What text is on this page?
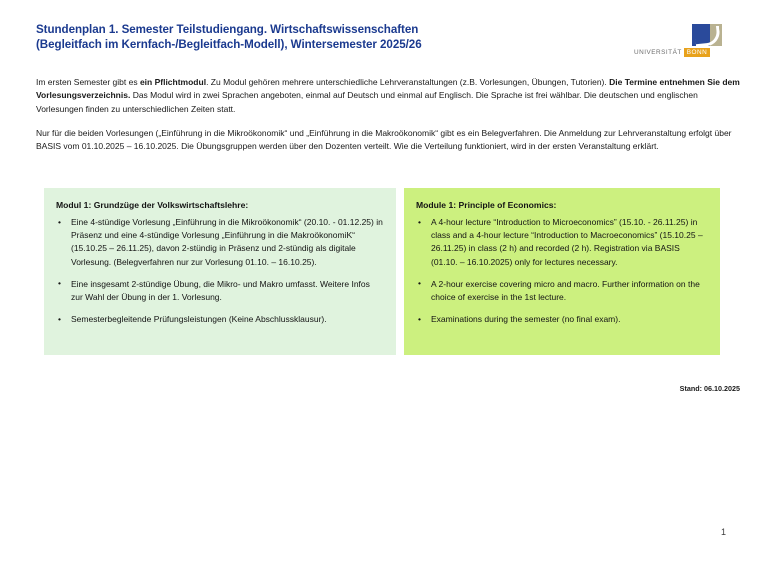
Stundenplan 1. Semester Teilstudiengang. Wirtschaftswissenschaften
(Begleitfach im Kernfach-/Begleitfach-Modell), Wintersemester 2025/26
UNIVERSITÄT BONN

Im ersten Semester gibt es ein Pflichtmodul. Zu Modul gehören mehrere unterschiedliche Lehrveranstaltungen (z.B. Vorlesungen, Übungen, Tutorien). Die Termine entnehmen Sie dem Vorlesungsverzeichnis. Das Modul wird in zwei Sprachen angeboten, einmal auf Deutsch und einmal auf Englisch. Die Sprache ist frei wählbar. Die deutschen und englischen Vorlesungen finden zu unterschiedlichen Zeiten statt.

Nur für die beiden Vorlesungen („Einführung in die Mikroökonomik“ und „Einführung in die Makroökonomik“ gibt es ein Belegverfahren. Die Anmeldung zur Lehrveranstaltung erfolgt über BASIS vom 01.10.2025 – 16.10.2025. Die Übungsgruppen werden über den Dozenten verteilt. Wie die Verteilung funktioniert, wird in der ersten Veranstaltung erklärt.

Modul 1: Grundzüge der Volkswirtschaftslehre:
• Eine 4-stündige Vorlesung „Einführung in die Mikroökonomik“ (20.10. - 01.12.25) in Präsenz und eine 4-stündige Vorlesung „Einführung in die MakroökonomiK“ (15.10.25 – 26.11.25), davon 2-stündig in Präsenz und 2-stündig als digitale Vorlesung. (Belegverfahren nur zur Vorlesung 01.10. – 16.10.25).
• Eine insgesamt 2-stündige Übung, die Mikro- und Makro umfasst. Weitere Infos zur Wahl der Übung in der 1. Vorlesung.
• Semesterbegleitende Prüfungsleistungen (Keine Abschlussklausur).
Module 1: Principle of Economics:
• A 4-hour lecture “Introduction to Microeconomics” (15.10. - 26.11.25) in class and a 4-hour lecture “Introduction to Macroeconomics” (15.10.25 – 26.11.25) in class (2 h) and recorded (2 h). Registration via BASIS (01.10. – 16.10.2025) only for lectures necessary.
• A 2-hour exercise covering micro and macro. Further information on the choice of exercise in the 1st lecture.
• Examinations during the semester (no final exam).
Stand: 06.10.2025
1
